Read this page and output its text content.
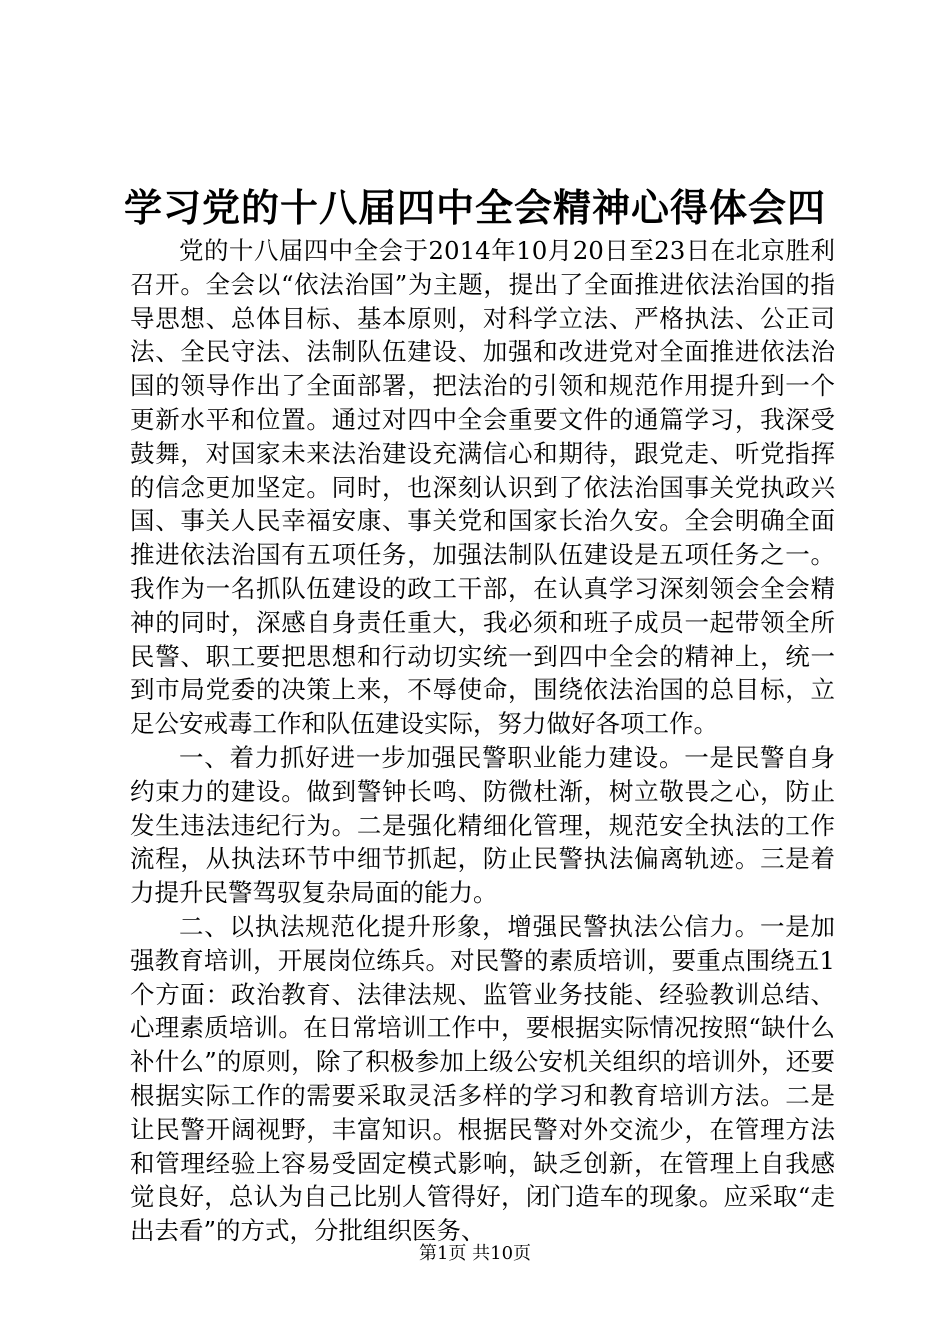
学习党的十八届四中全会精神心得体会四

党的十八届四中全会于2014年10月20日至23日在北京胜利召开。全会以“依法治国”为主题，提出了全面推进依法治国的指导思想、总体目标、基本原则，对科学立法、严格执法、公正司法、全民守法、法制队伍建设、加强和改进党对全面推进依法治国的领导作出了全面部署，把法治的引领和规范作用提升到一个更新水平和位置。通过对四中全会重要文件的通篇学习，我深受鼓舞，对国家未来法治建设充满信心和期待，跟党走、听党指挥的信念更加坚定。同时，也深刻认识到了依法治国事关党执政兴国、事关人民幸福安康、事关党和国家长治久安。全会明确全面推进依法治国有五项任务，加强法制队伍建设是五项任务之一。我作为一名抓队伍建设的政工干部，在认真学习深刻领会全会精神的同时，深感自身责任重大，我必须和班子成员一起带领全所民警、职工要把思想和行动切实统一到四中全会的精神上，统一到市局党委的决策上来，不辱使命，围绕依法治国的总目标，立足公安戒毒工作和队伍建设实际，努力做好各项工作。

一、着力抓好进一步加强民警职业能力建设。一是民警自身约束力的建设。做到警钟长鸣、防微杜渐，树立敬畏之心，防止发生违法违纪行为。二是强化精细化管理，规范安全执法的工作流程，从执法环节中细节抓起，防止民警执法偏离轨迹。三是着力提升民警驾驭复杂局面的能力。

二、以执法规范化提升形象，增强民警执法公信力。一是加强教育培训，开展岗位练兵。对民警的素质培训，要重点围绕五1个方面：政治教育、法律法规、监管业务技能、经验教训总结、心理素质培训。在日常培训工作中，要根据实际情况按照“缺什么补什么”的原则，除了积极参加上级公安机关组织的培训外，还要根据实际工作的需要采取灵活多样的学习和教育培训方法。二是让民警开阔视野，丰富知识。根据民警对外交流少，在管理方法和管理经验上容易受固定模式影响，缺乏创新，在管理上自我感觉良好，总认为自己比别人管得好，闭门造车的现象。应采取“走出去看”的方式，分批组织医务、

第1页 共10页
